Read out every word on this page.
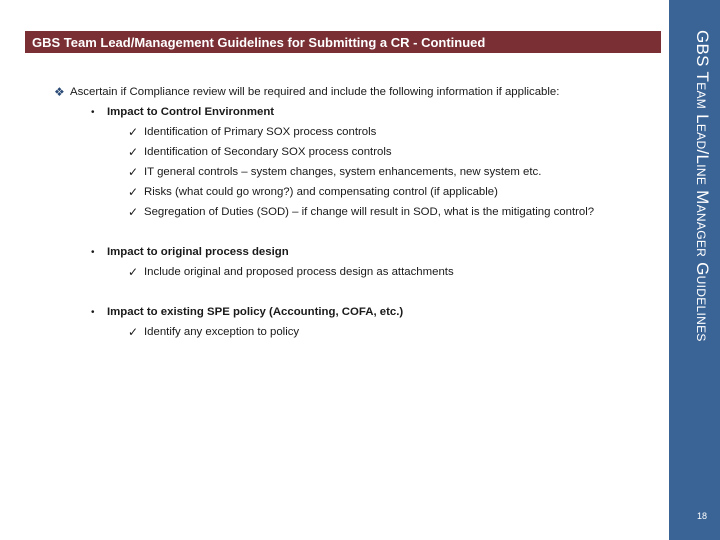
GBS Team Lead/Management Guidelines for Submitting a CR - Continued	GBS Team Lead/Line Manager Guidelines
18
❖ Ascertain if Compliance review will be required and include the following information if applicable:
•	Impact to Control Environment
✓ Identification of Primary SOX process controls
✓ Identification of Secondary SOX process controls
✓ IT general controls – system changes, system enhancements, new system etc.
✓ Risks (what could go wrong?) and compensating control (if applicable)
✓ Segregation of Duties (SOD) – if change will result in SOD, what is the mitigating control?
•	Impact to original process design
✓ Include original and proposed process design as attachments
•	Impact to existing SPE policy (Accounting, COFA, etc.)
✓ Identify any exception to policy
